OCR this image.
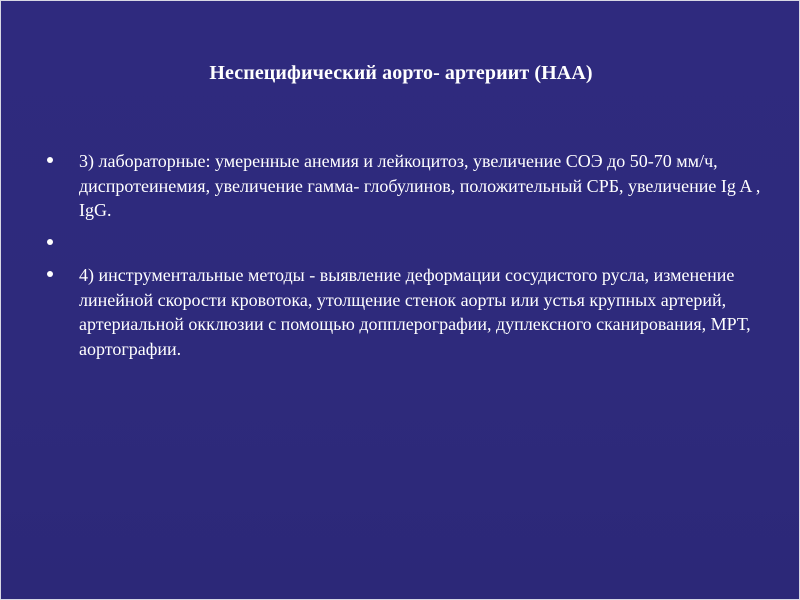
Неспецифический аорто- артериит (НАА)
3) лабораторные: умеренные анемия и лейкоцитоз, увеличение СОЭ до 50-70 мм/ч, диспротеинемия, увеличение гамма- глобулинов, положительный СРБ, увеличение Ig A , IgG.
4) инструментальные методы - выявление деформации сосудистого русла, изменение линейной скорости кровотока, утолщение стенок аорты или устья крупных артерий, артериальной окклюзии с помощью допплерографии, дуплексного сканирования, МРТ, аортографии.
